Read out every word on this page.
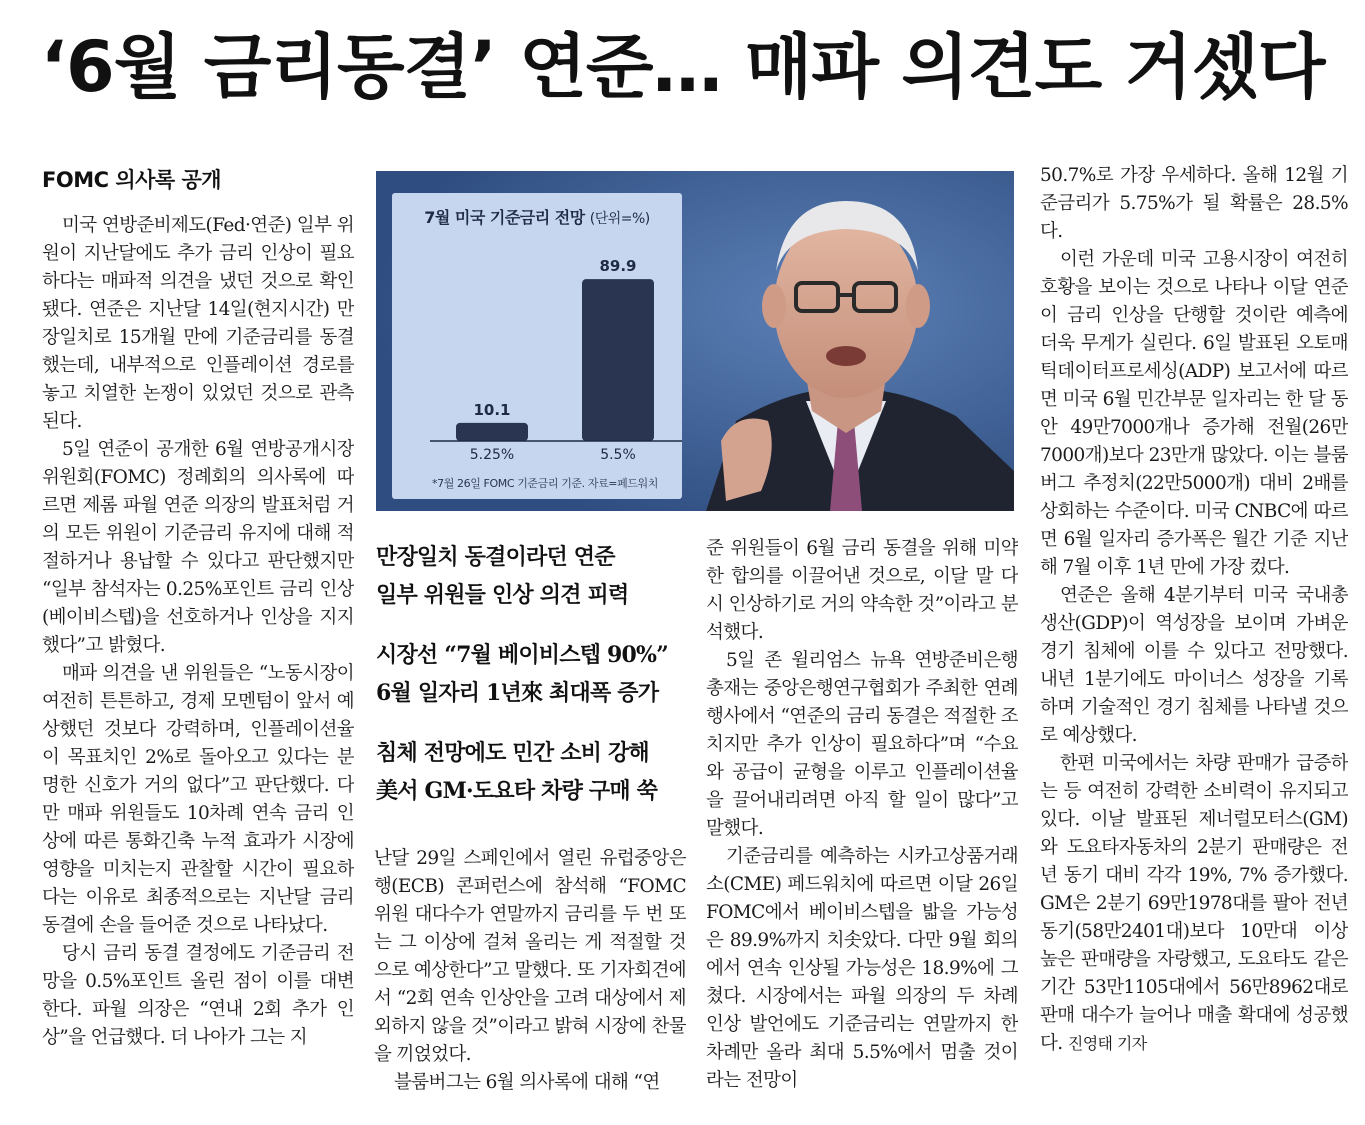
‘6월 금리동결’ 연준… 매파 의견도 거셌다
FOMC 의사록 공개

미국 연방준비제도(Fed·연준) 일부 위원이 지난달에도 추가 금리 인상이 필요하다는 매파적 의견을 냈던 것으로 확인됐다. 연준은 지난달 14일(현지시간) 만장일치로 15개월 만에 기준금리를 동결했는데, 내부적으로 인플레이션 경로를 놓고 치열한 논쟁이 있었던 것으로 관측된다.

5일 연준이 공개한 6월 연방공개시장위원회(FOMC) 정례회의 의사록에 따르면 제롬 파월 연준 의장의 발표처럼 거의 모든 위원이 기준금리 유지에 대해 적절하거나 용납할 수 있다고 판단했지만 “일부 참석자는 0.25%포인트 금리 인상(베이비스텝)을 선호하거나 인상을 지지했다”고 밝혔다.

매파 의견을 낸 위원들은 “노동시장이 여전히 튼튼하고, 경제 모멘텀이 앞서 예상했던 것보다 강력하며, 인플레이션율이 목표치인 2%로 돌아오고 있다는 분명한 신호가 거의 없다”고 판단했다. 다만 매파 위원들도 10차례 연속 금리 인상에 따른 통화긴축 누적 효과가 시장에 영향을 미치는지 관찰할 시간이 필요하다는 이유로 최종적으로는 지난달 금리 동결에 손을 들어준 것으로 나타났다.

당시 금리 동결 결정에도 기준금리 전망을 0.5%포인트 올린 점이 이를 대변한다. 파월 의장은 “연내 2회 추가 인상”을 언급했다. 더 나아가 그는 지

7월 미국 기준금리 전망 (단위=%)
10.1
5.25%
89.9
5.5%
*7월 26일 FOMC 기준금리 기준. 자료=페드워치
만장일치 동결이라던 연준
일부 위원들 인상 의견 피력
시장선 “7월 베이비스텝 90%”
6월 일자리 1년來 최대폭 증가
침체 전망에도 민간 소비 강해
美서 GM·도요타 차량 구매 쑥

난달 29일 스페인에서 열린 유럽중앙은행(ECB) 콘퍼런스에 참석해 “FOMC 위원 대다수가 연말까지 금리를 두 번 또는 그 이상에 걸쳐 올리는 게 적절할 것으로 예상한다”고 말했다. 또 기자회견에서 “2회 연속 인상안을 고려 대상에서 제외하지 않을 것”이라고 밝혀 시장에 찬물을 끼얹었다.

블룸버그는 6월 의사록에 대해 “연

준 위원들이 6월 금리 동결을 위해 미약한 합의를 이끌어낸 것으로, 이달 말 다시 인상하기로 거의 약속한 것”이라고 분석했다.

5일 존 윌리엄스 뉴욕 연방준비은행 총재는 중앙은행연구협회가 주최한 연례 행사에서 “연준의 금리 동결은 적절한 조치지만 추가 인상이 필요하다”며 “수요와 공급이 균형을 이루고 인플레이션율을 끌어내리려면 아직 할 일이 많다”고 말했다.

기준금리를 예측하는 시카고상품거래소(CME) 페드워치에 따르면 이달 26일 FOMC에서 베이비스텝을 밟을 가능성은 89.9%까지 치솟았다. 다만 9월 회의에서 연속 인상될 가능성은 18.9%에 그쳤다. 시장에서는 파월 의장의 두 차례 인상 발언에도 기준금리는 연말까지 한 차례만 올라 최대 5.5%에서 멈출 것이라는 전망이

50.7%로 가장 우세하다. 올해 12월 기준금리가 5.75%가 될 확률은 28.5%다.

이런 가운데 미국 고용시장이 여전히 호황을 보이는 것으로 나타나 이달 연준이 금리 인상을 단행할 것이란 예측에 더욱 무게가 실린다. 6일 발표된 오토매틱데이터프로세싱(ADP) 보고서에 따르면 미국 6월 민간부문 일자리는 한 달 동안 49만7000개나 증가해 전월(26만7000개)보다 23만개 많았다. 이는 블룸버그 추정치(22만5000개) 대비 2배를 상회하는 수준이다. 미국 CNBC에 따르면 6월 일자리 증가폭은 월간 기준 지난해 7월 이후 1년 만에 가장 컸다.

연준은 올해 4분기부터 미국 국내총생산(GDP)이 역성장을 보이며 가벼운 경기 침체에 이를 수 있다고 전망했다. 내년 1분기에도 마이너스 성장을 기록하며 기술적인 경기 침체를 나타낼 것으로 예상했다.

한편 미국에서는 차량 판매가 급증하는 등 여전히 강력한 소비력이 유지되고 있다. 이날 발표된 제너럴모터스(GM)와 도요타자동차의 2분기 판매량은 전년 동기 대비 각각 19%, 7% 증가했다. GM은 2분기 69만1978대를 팔아 전년 동기(58만2401대)보다 10만대 이상 높은 판매량을 자랑했고, 도요타도 같은 기간 53만1105대에서 56만8962대로 판매 대수가 늘어나 매출 확대에 성공했다. 진영태 기자
